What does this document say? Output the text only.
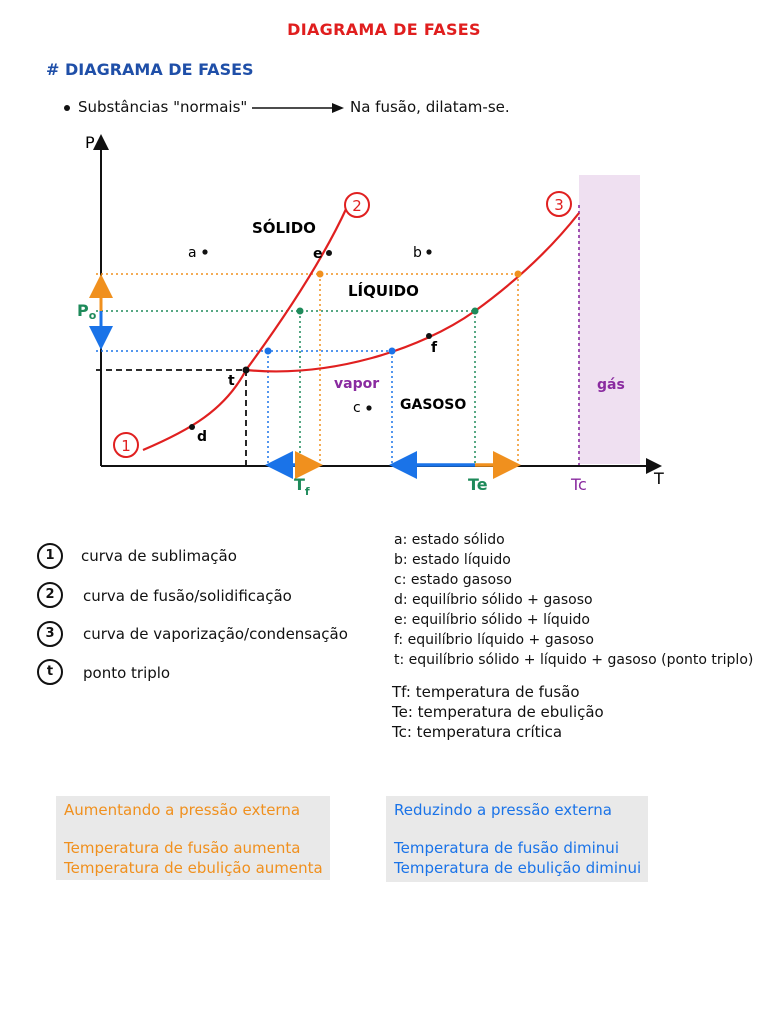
DIAGRAMA DE FASES
# DIAGRAMA DE FASES
Substâncias "normais"	Na fusão, dilatam-se.
P
T
1
2	3
t
d
e
f
a	b
c
SÓLIDO
LÍQUIDO
GASOSO
vapor	gás
Po
$T_f$	Te	Tc
1	curva de sublimação
2	curva de fusão/solidificação
3	curva de vaporização/condensação
t	ponto triplo
a: estado sólido
b: estado líquido
c: estado gasoso
d: equilíbrio sólido + gasoso
e: equilíbrio sólido + líquido
f: equilíbrio líquido + gasoso
t: equilíbrio sólido + líquido + gasoso (ponto triplo)
Tf: temperatura de fusão
Te: temperatura de ebulição
Tc: temperatura crítica
Aumentando a pressão externa
Temperatura de fusão aumenta
Temperatura de ebulição aumenta
Reduzindo a pressão externa
Temperatura de fusão diminui
Temperatura de ebulição diminui
